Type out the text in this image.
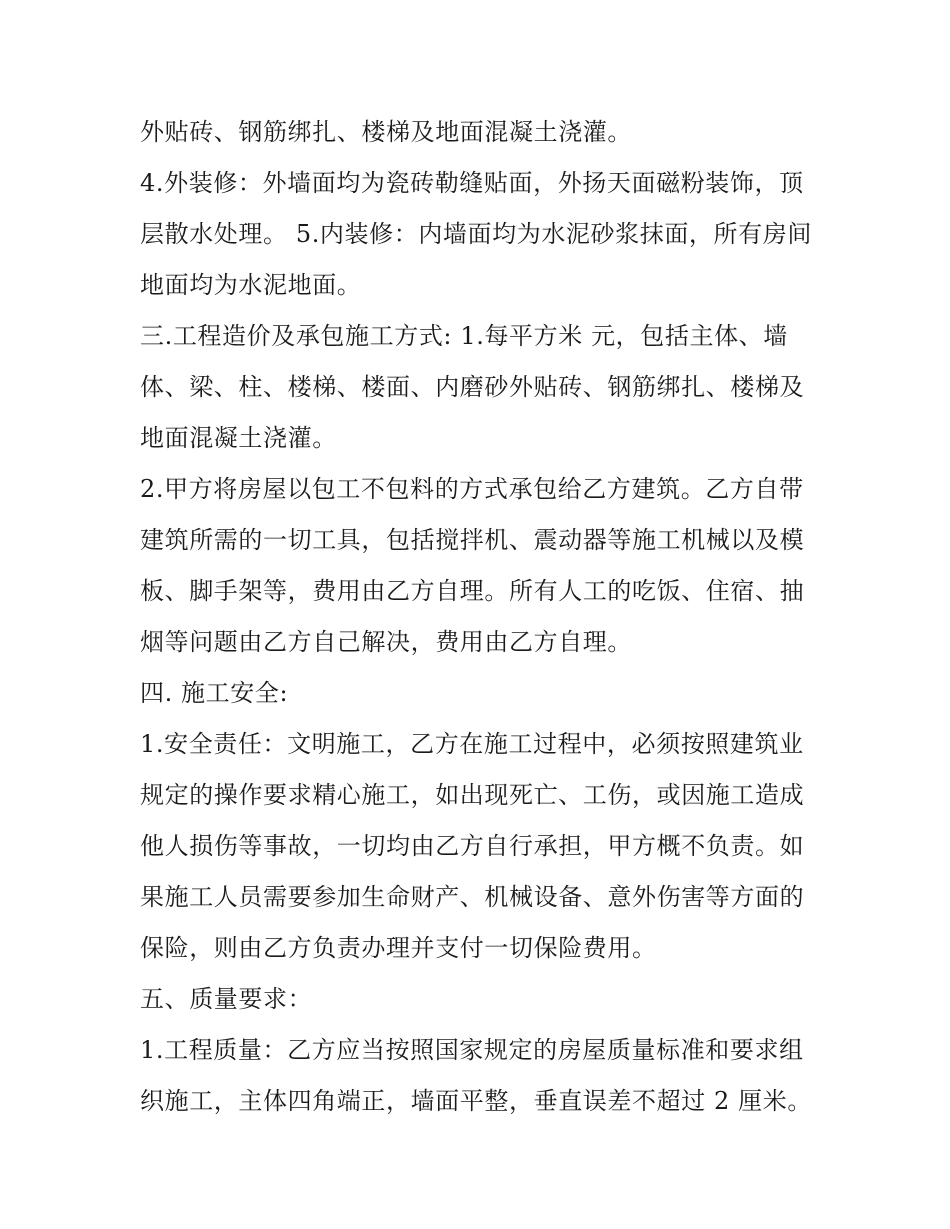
外贴砖、钢筋绑扎、楼梯及地面混凝土浇灌。
4.外装修：外墙面均为瓷砖勒缝贴面，外扬天面磁粉装饰，顶
层散水处理。 5.内装修：内墙面均为水泥砂浆抹面，所有房间
地面均为水泥地面。
三.工程造价及承包施工方式: 1.每平方米 元，包括主体、墙
体、梁、柱、楼梯、楼面、内磨砂外贴砖、钢筋绑扎、楼梯及
地面混凝土浇灌。
2.甲方将房屋以包工不包料的方式承包给乙方建筑。乙方自带
建筑所需的一切工具，包括搅拌机、震动器等施工机械以及模
板、脚手架等，费用由乙方自理。所有人工的吃饭、住宿、抽
烟等问题由乙方自己解决，费用由乙方自理。
四. 施工安全:
1.安全责任：文明施工，乙方在施工过程中，必须按照建筑业
规定的操作要求精心施工，如出现死亡、工伤，或因施工造成
他人损伤等事故，一切均由乙方自行承担，甲方概不负责。如
果施工人员需要参加生命财产、机械设备、意外伤害等方面的
保险，则由乙方负责办理并支付一切保险费用。
五、质量要求：
1.工程质量：乙方应当按照国家规定的房屋质量标准和要求组
织施工，主体四角端正，墙面平整，垂直误差不超过 2 厘米。
